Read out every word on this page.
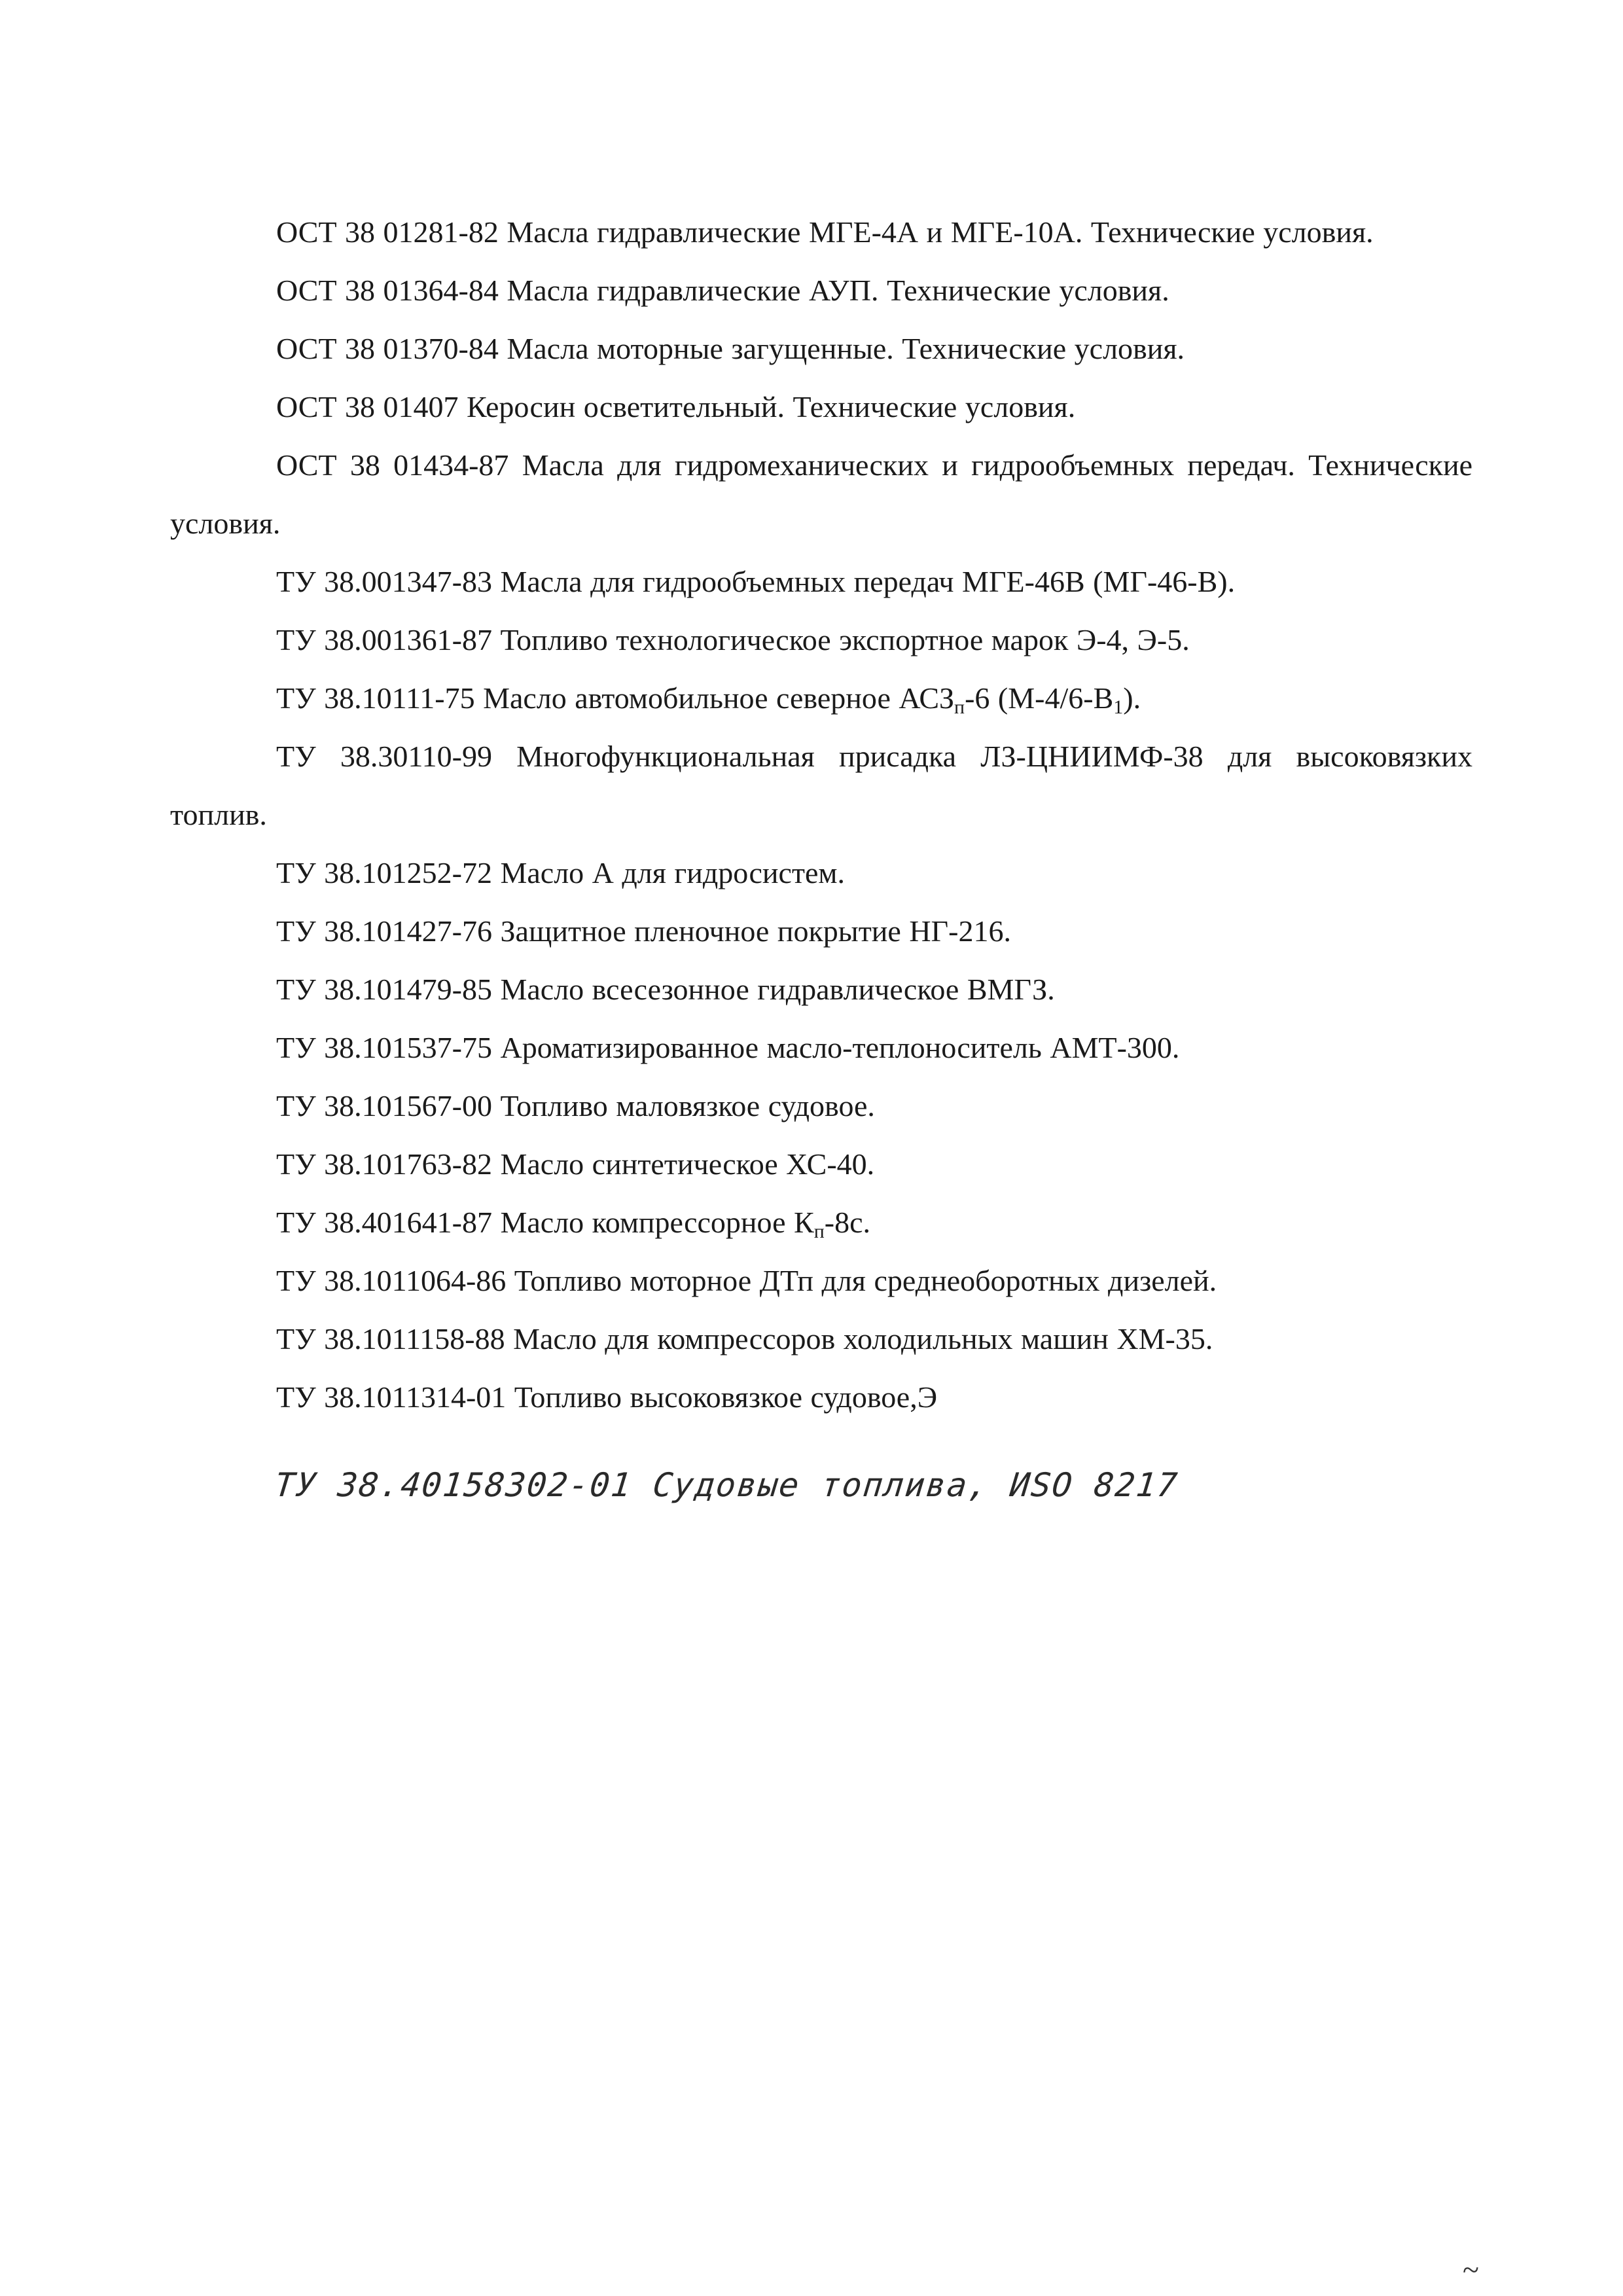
ОСТ 38 01281-82 Масла гидравлические МГЕ-4А и МГЕ-10А. Технические условия.

ОСТ 38 01364-84 Масла гидравлические АУП. Технические условия.

ОСТ 38 01370-84 Масла моторные загущенные. Технические условия.

ОСТ 38 01407 Керосин осветительный. Технические условия.

ОСТ 38 01434-87 Масла для гидромеханических и гидрообъемных передач. Технические условия.

ТУ 38.001347-83 Масла для гидрообъемных передач МГЕ-46В (МГ-46-В).

ТУ 38.001361-87 Топливо технологическое экспортное марок Э-4, Э-5.

ТУ 38.10111-75 Масло автомобильное северное $АСЗ_п-6$ $(М-4/6-В_1)$.

ТУ 38.30110-99 Многофункциональная присадка ЛЗ-ЦНИИМФ-38 для высоковязких топлив.

ТУ 38.101252-72 Масло А для гидросистем.

ТУ 38.101427-76 Защитное пленочное покрытие НГ-216.

ТУ 38.101479-85 Масло всесезонное гидравлическое ВМГЗ.

ТУ 38.101537-75 Ароматизированное масло-теплоноситель АМТ-300.

ТУ 38.101567-00 Топливо маловязкое судовое.

ТУ 38.101763-82 Масло синтетическое ХС-40.

ТУ 38.401641-87 Масло компрессорное $К_п-8с$.

ТУ 38.1011064-86 Топливо моторное ДТп для среднеоборотных дизелей.

ТУ 38.1011158-88 Масло для компрессоров холодильных машин ХМ-35.

ТУ 38.1011314-01 Топливо высоковязкое судовое,Э

ТУ 38.40158302-01 Судовые топлива, ИSO 8217
~
